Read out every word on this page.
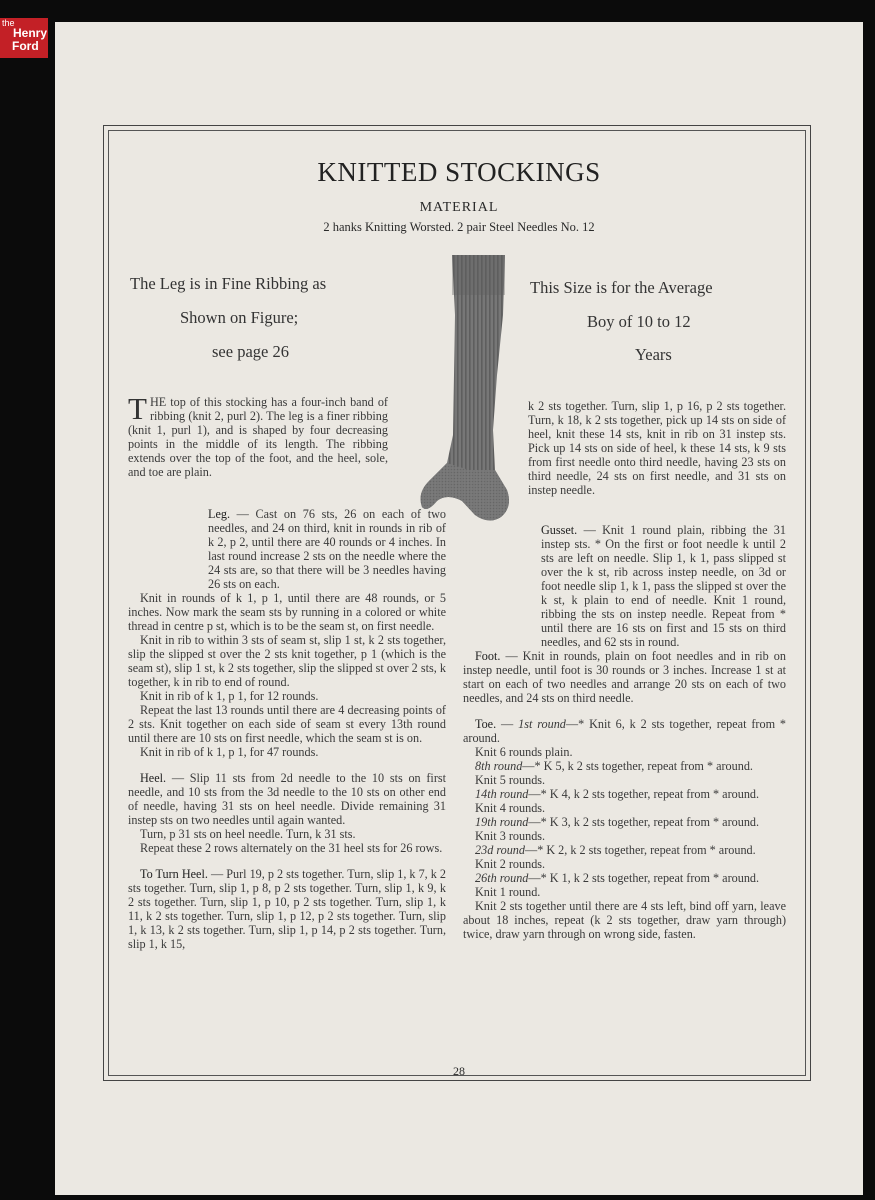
the
Henry
Ford
KNITTED STOCKINGS
MATERIAL
2 hanks Knitting Worsted. 2 pair Steel Needles No. 12
The Leg is in Fine Ribbing as
Shown on Figure;
see page 26
This Size is for the Average
Boy of 10 to 12
Years

THE top of this stocking has a four-inch band of ribbing (knit 2, purl 2). The leg is a finer ribbing (knit 1, purl 1), and is shaped by four decreasing points in the middle of its length. The ribbing extends over the top of the foot, and the heel, sole, and toe are plain.

Leg. — Cast on 76 sts, 26 on each of two needles, and 24 on third, knit in rounds in rib of k 2, p 2, until there are 40 rounds or 4 inches. In last round increase 2 sts on the needle where the 24 sts are, so that there will be 3 needles having 26 sts on each.

Knit in rounds of k 1, p 1, until there are 48 rounds, or 5 inches. Now mark the seam sts by running in a colored or white thread in centre p st, which is to be the seam st, on first needle.

Knit in rib to within 3 sts of seam st, slip 1 st, k 2 sts together, slip the slipped st over the 2 sts knit together, p 1 (which is the seam st), slip 1 st, k 2 sts together, slip the slipped st over 2 sts, k together, k in rib to end of round.

Knit in rib of k 1, p 1, for 12 rounds.

Repeat the last 13 rounds until there are 4 decreasing points of 2 sts. Knit together on each side of seam st every 13th round until there are 10 sts on first needle, which the seam st is on.

Knit in rib of k 1, p 1, for 47 rounds.

Heel. — Slip 11 sts from 2d needle to the 10 sts on first needle, and 10 sts from the 3d needle to the 10 sts on other end of needle, having 31 sts on heel needle. Divide remaining 31 instep sts on two needles until again wanted.

Turn, p 31 sts on heel needle. Turn, k 31 sts.

Repeat these 2 rows alternately on the 31 heel sts for 26 rows.

To Turn Heel. — Purl 19, p 2 sts together. Turn, slip 1, k 7, k 2 sts together. Turn, slip 1, p 8, p 2 sts together. Turn, slip 1, k 9, k 2 sts together. Turn, slip 1, p 10, p 2 sts together. Turn, slip 1, k 11, k 2 sts together. Turn, slip 1, p 12, p 2 sts together. Turn, slip 1, k 13, k 2 sts together. Turn, slip 1, p 14, p 2 sts together. Turn, slip 1, k 15,

k 2 sts together. Turn, slip 1, p 16, p 2 sts together. Turn, k 18, k 2 sts together, pick up 14 sts on side of heel, knit these 14 sts, knit in rib on 31 instep sts. Pick up 14 sts on side of heel, k these 14 sts, k 9 sts from first needle onto third needle, having 23 sts on third needle, 24 sts on first needle, and 31 sts on instep needle.

Gusset. — Knit 1 round plain, ribbing the 31 instep sts. * On the first or foot needle k until 2 sts are left on needle. Slip 1, k 1, pass slipped st over the k st, rib across instep needle, on 3d or foot needle slip 1, k 1, pass the slipped st over the k st, k plain to end of needle. Knit 1 round, ribbing the sts on instep needle. Repeat from * until there are 16 sts on first and 15 sts on third needles, and 62 sts in round.

Foot. — Knit in rounds, plain on foot needles and in rib on instep needle, until foot is 30 rounds or 3 inches. Increase 1 st at start on each of two needles and arrange 20 sts on each of two needles, and 24 sts on third needle.

Toe. — 1st round—* Knit 6, k 2 sts together, repeat from * around.

Knit 6 rounds plain.

8th round—* K 5, k 2 sts together, repeat from * around.

Knit 5 rounds.

14th round—* K 4, k 2 sts together, repeat from * around.

Knit 4 rounds.

19th round—* K 3, k 2 sts together, repeat from * around.

Knit 3 rounds.

23d round—* K 2, k 2 sts together, repeat from * around.

Knit 2 rounds.

26th round—* K 1, k 2 sts together, repeat from * around.

Knit 1 round.

Knit 2 sts together until there are 4 sts left, bind off yarn, leave about 18 inches, repeat (k 2 sts together, draw yarn through) twice, draw yarn through on wrong side, fasten.

28
